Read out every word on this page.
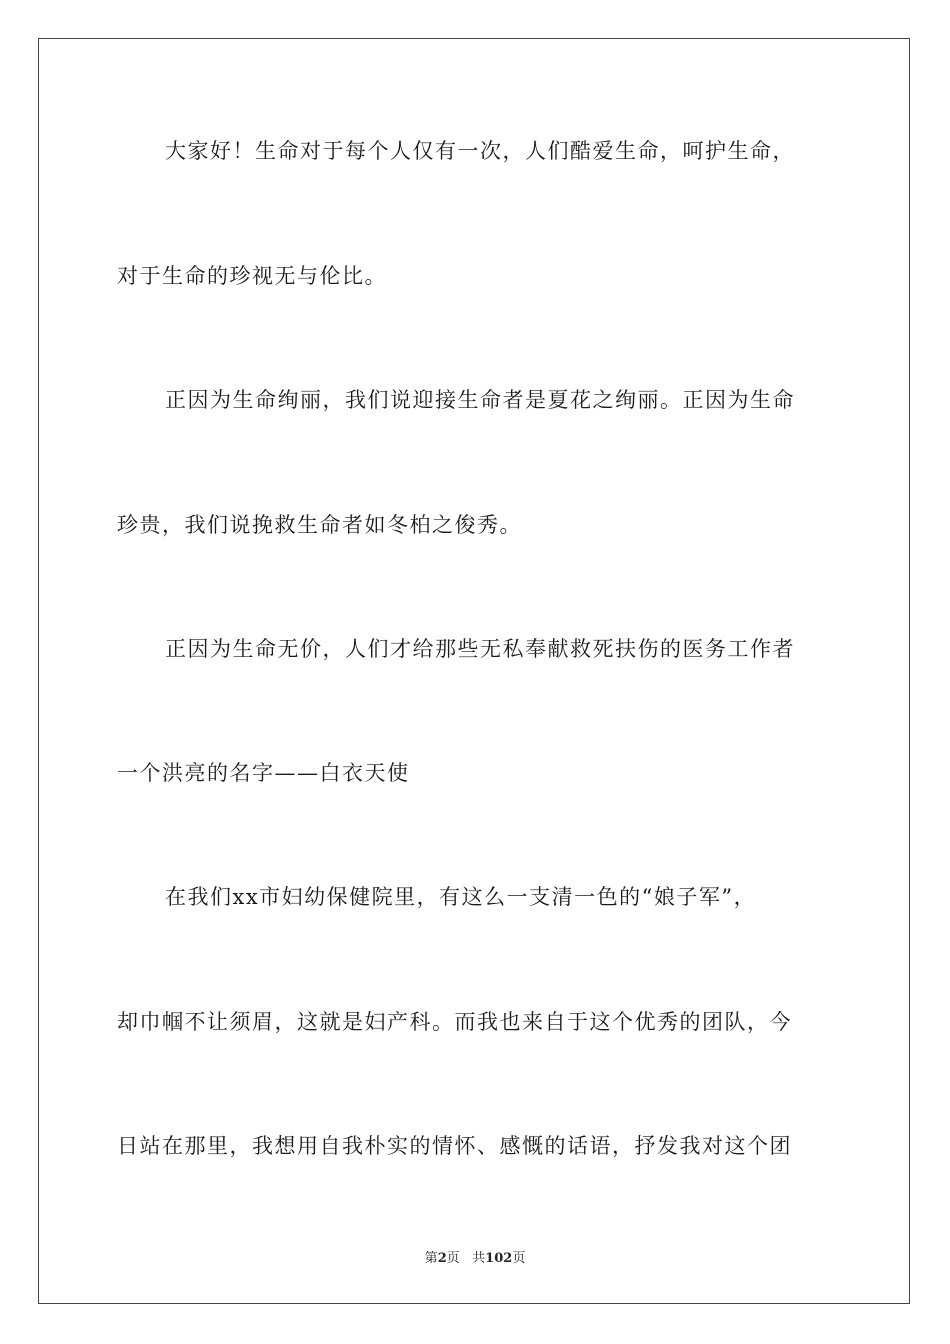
大家好！生命对于每个人仅有一次，人们酷爱生命，呵护生命，
对于生命的珍视无与伦比。
正因为生命绚丽，我们说迎接生命者是夏花之绚丽。正因为生命
珍贵，我们说挽救生命者如冬柏之俊秀。
正因为生命无价，人们才给那些无私奉献救死扶伤的医务工作者
一个洪亮的名字——白衣天使
在我们xx市妇幼保健院里，有这么一支清一色的“娘子军”，
却巾帼不让须眉，这就是妇产科。而我也来自于这个优秀的团队，今
日站在那里，我想用自我朴实的情怀、感慨的话语，抒发我对这个团
第2页 共102页
